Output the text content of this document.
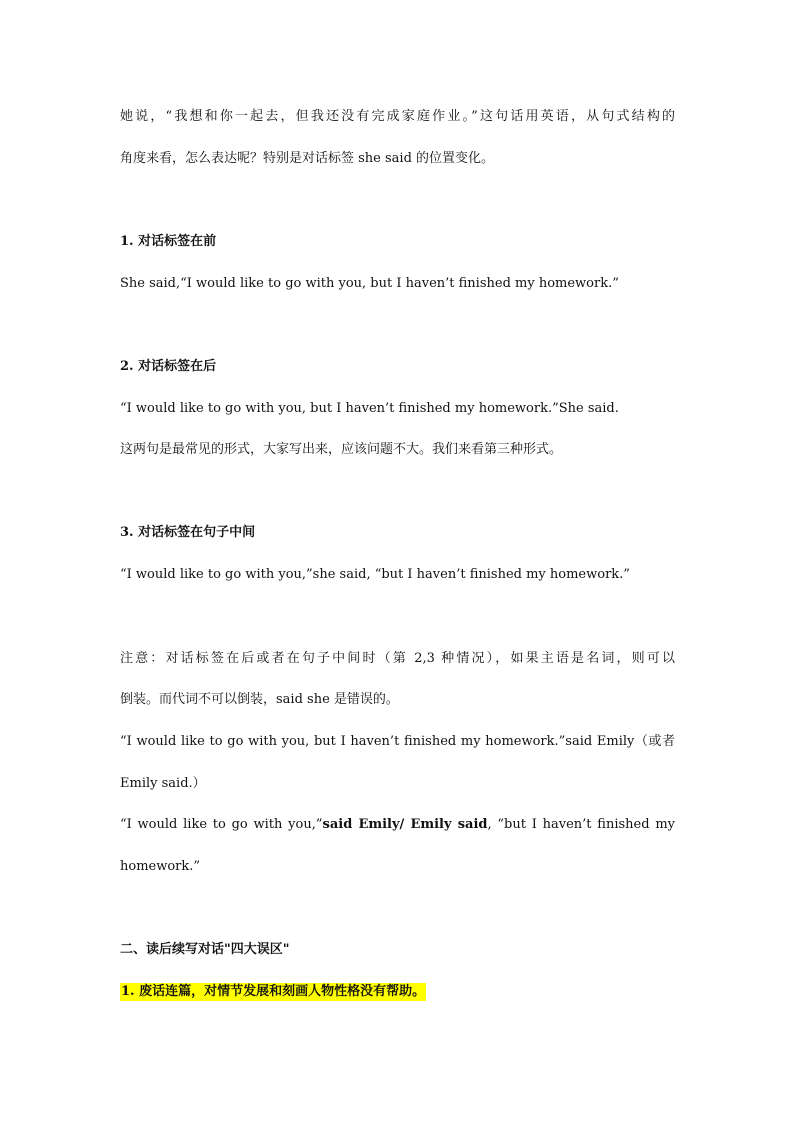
她说，“我想和你一起去，但我还没有完成家庭作业。”这句话用英语，从句式结构的
角度来看，怎么表达呢？特别是对话标签 she said 的位置变化。
1. 对话标签在前
She said,“I would like to go with you, but I haven’t finished my homework.”
2. 对话标签在后
“I would like to go with you, but I haven’t finished my homework.”She said.
这两句是最常见的形式，大家写出来，应该问题不大。我们来看第三种形式。
3. 对话标签在句子中间
“I would like to go with you,”she said, “but I haven’t finished my homework.”
注意：对话标签在后或者在句子中间时（第 2,3 种情况），如果主语是名词，则可以
倒装。而代词不可以倒装，said she 是错误的。
“I would like to go with you, but I haven’t finished my homework.”said Emily（或者
Emily said.）
“I would like to go with you,”said Emily/ Emily said, “but I haven’t finished my
homework.”
二、读后续写对话"四大误区"
1. 废话连篇，对情节发展和刻画人物性格没有帮助。
